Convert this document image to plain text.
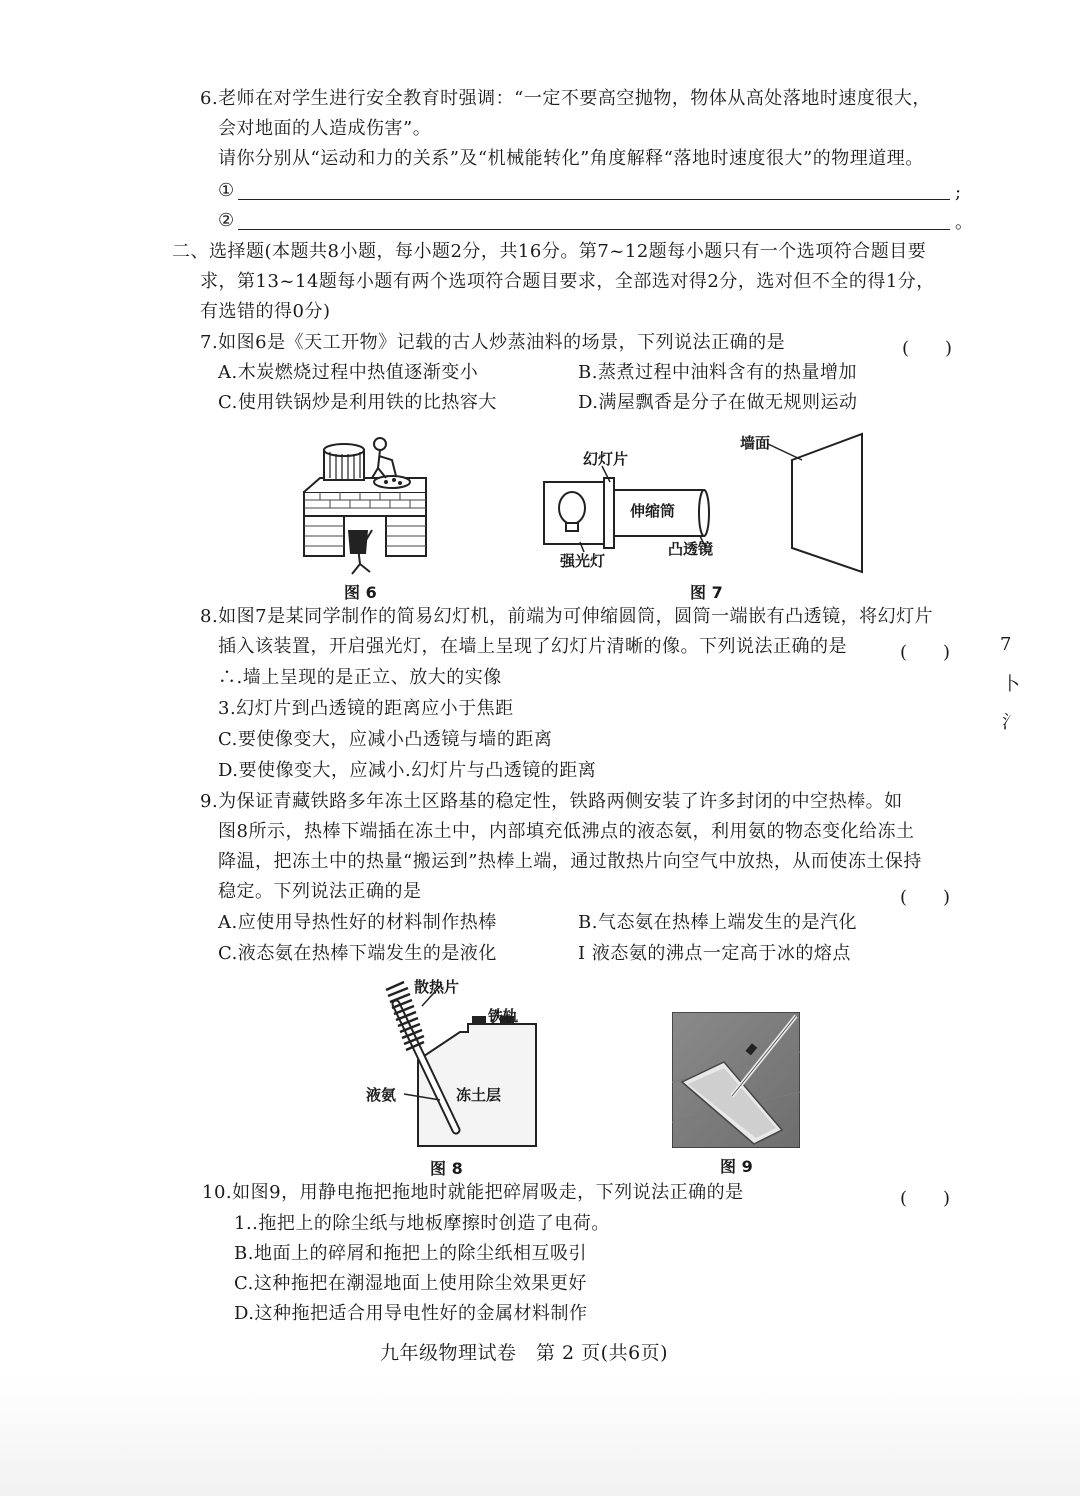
6.老师在对学生进行安全教育时强调：“一定不要高空抛物，物体从高处落地时速度很大，
会对地面的人造成伤害”。
请你分别从“运动和力的关系”及“机械能转化”角度解释“落地时速度很大”的物理道理。
①	;
②	。
二、选择题(本题共8小题，每小题2分，共16分。第7~12题每小题只有一个选项符合题目要
求，第13~14题每小题有两个选项符合题目要求，全部选对得2分，选对但不全的得1分，
有选错的得0分)
7.如图6是《天工开物》记载的古人炒蒸油料的场景，下列说法正确的是	(　　)
A.木炭燃烧过程中热值逐渐变小	B.蒸煮过程中油料含有的热量增加
C.使用铁锅炒是利用铁的比热容大	D.满屋飘香是分子在做无规则运动
图 6
幻灯片
伸缩筒
凸透镜
强光灯
墙面
图 7
8.如图7是某同学制作的简易幻灯机，前端为可伸缩圆筒，圆筒一端嵌有凸透镜，将幻灯片
插入该装置，开启强光灯，在墙上呈现了幻灯片清晰的像。下列说法正确的是	(　　)
∴.墙上呈现的是正立、放大的实像
3.幻灯片到凸透镜的距离应小于焦距
C.要使像变大，应减小凸透镜与墙的距离
D.要使像变大，应减小.幻灯片与凸透镜的距离
7
卜
氵
9.为保证青藏铁路多年冻土区路基的稳定性，铁路两侧安装了许多封闭的中空热棒。如
图8所示，热棒下端插在冻土中，内部填充低沸点的液态氨，利用氨的物态变化给冻土
降温，把冻土中的热量“搬运到”热棒上端，通过散热片向空气中放热，从而使冻土保持
稳定。下列说法正确的是	(　　)
A.应使用导热性好的材料制作热棒	B.气态氨在热棒上端发生的是汽化
C.液态氨在热棒下端发生的是液化	I 液态氨的沸点一定高于冰的熔点
散热片
铁轨
液氨	冻土层
图 8	图 9
10.如图9，用静电拖把拖地时就能把碎屑吸走，下列说法正确的是	(　　)
1..拖把上的除尘纸与地板摩擦时创造了电荷。
B.地面上的碎屑和拖把上的除尘纸相互吸引
C.这种拖把在潮湿地面上使用除尘效果更好
D.这种拖把适合用导电性好的金属材料制作
九年级物理试卷　第 2 页(共6页)
